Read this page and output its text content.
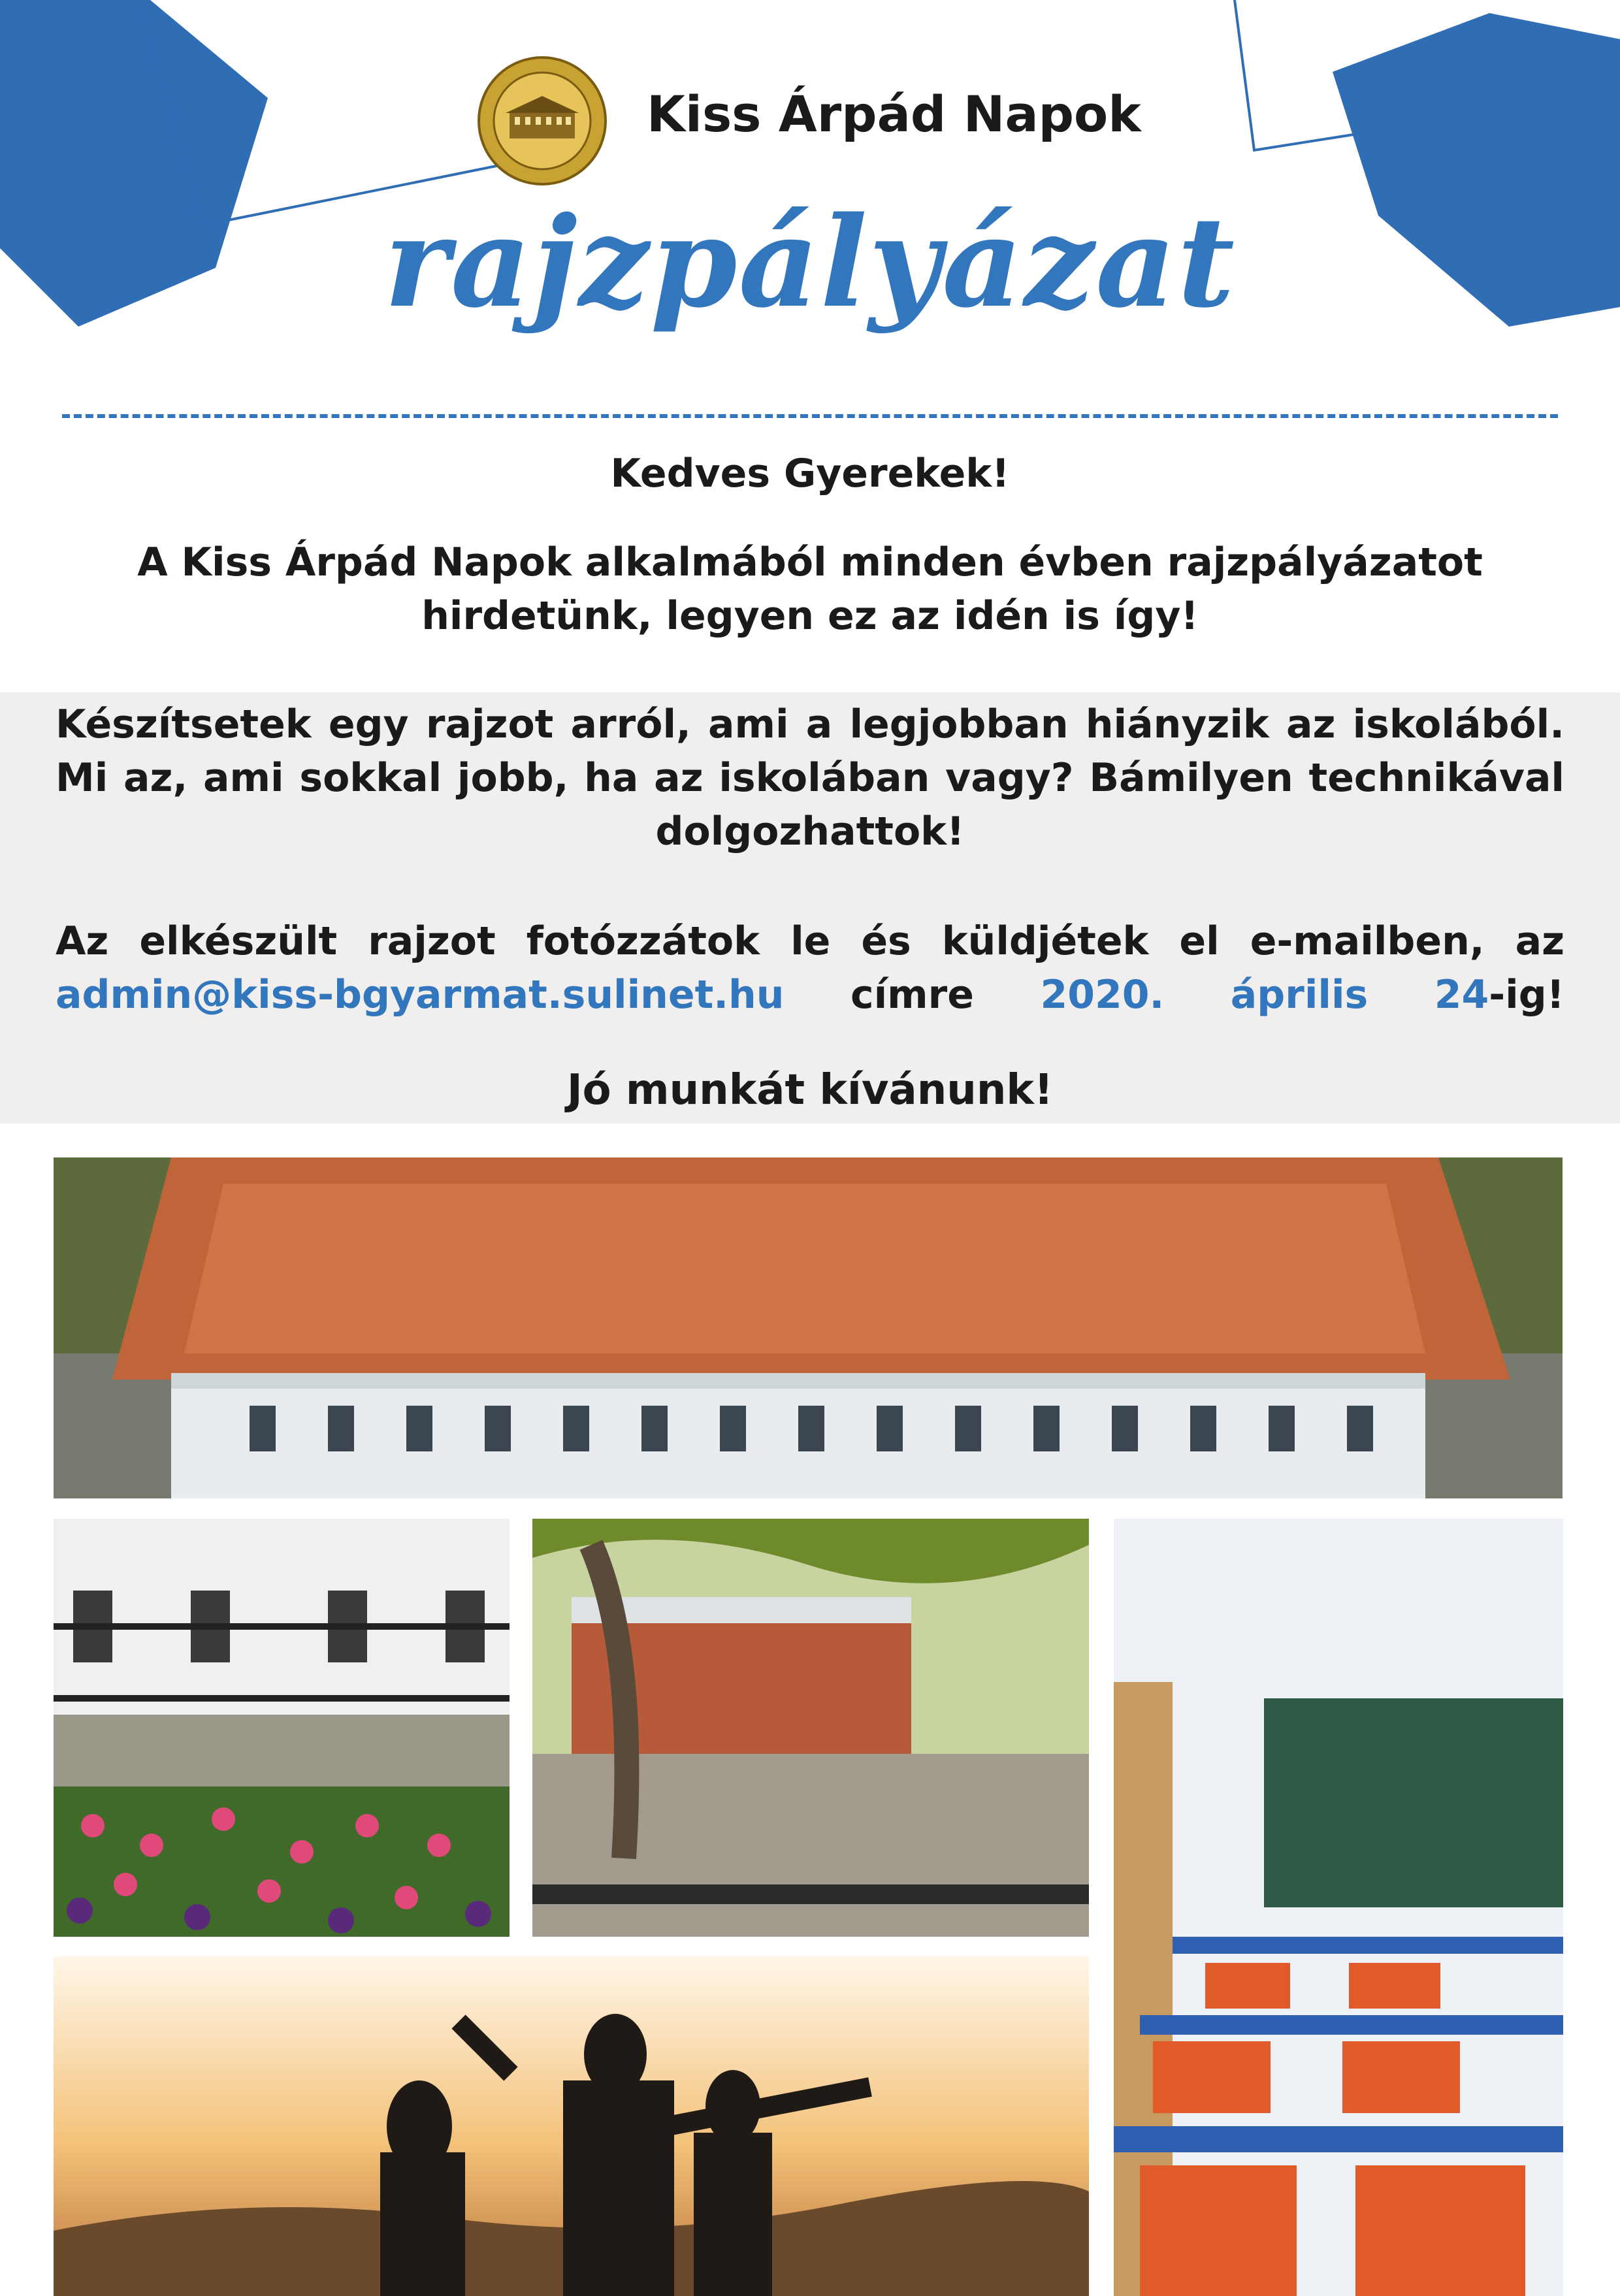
Kiss Árpád Napok
rajzpályázat
Kedves Gyerekek!
A Kiss Árpád Napok alkalmából minden évben rajzpályázatot hirdetünk, legyen ez az idén is így!
Készítsetek egy rajzot arról, ami a legjobban hiányzik az iskolából. Mi az, ami sokkal jobb, ha az iskolában vagy? Bámilyen technikával dolgozhattok!
Az elkészült rajzot fotózzátok le és küldjétek el e-mailben, az admin@kiss-bgyarmat.sulinet.hu címre 2020. április 24-ig!
Jó munkát kívánunk!
